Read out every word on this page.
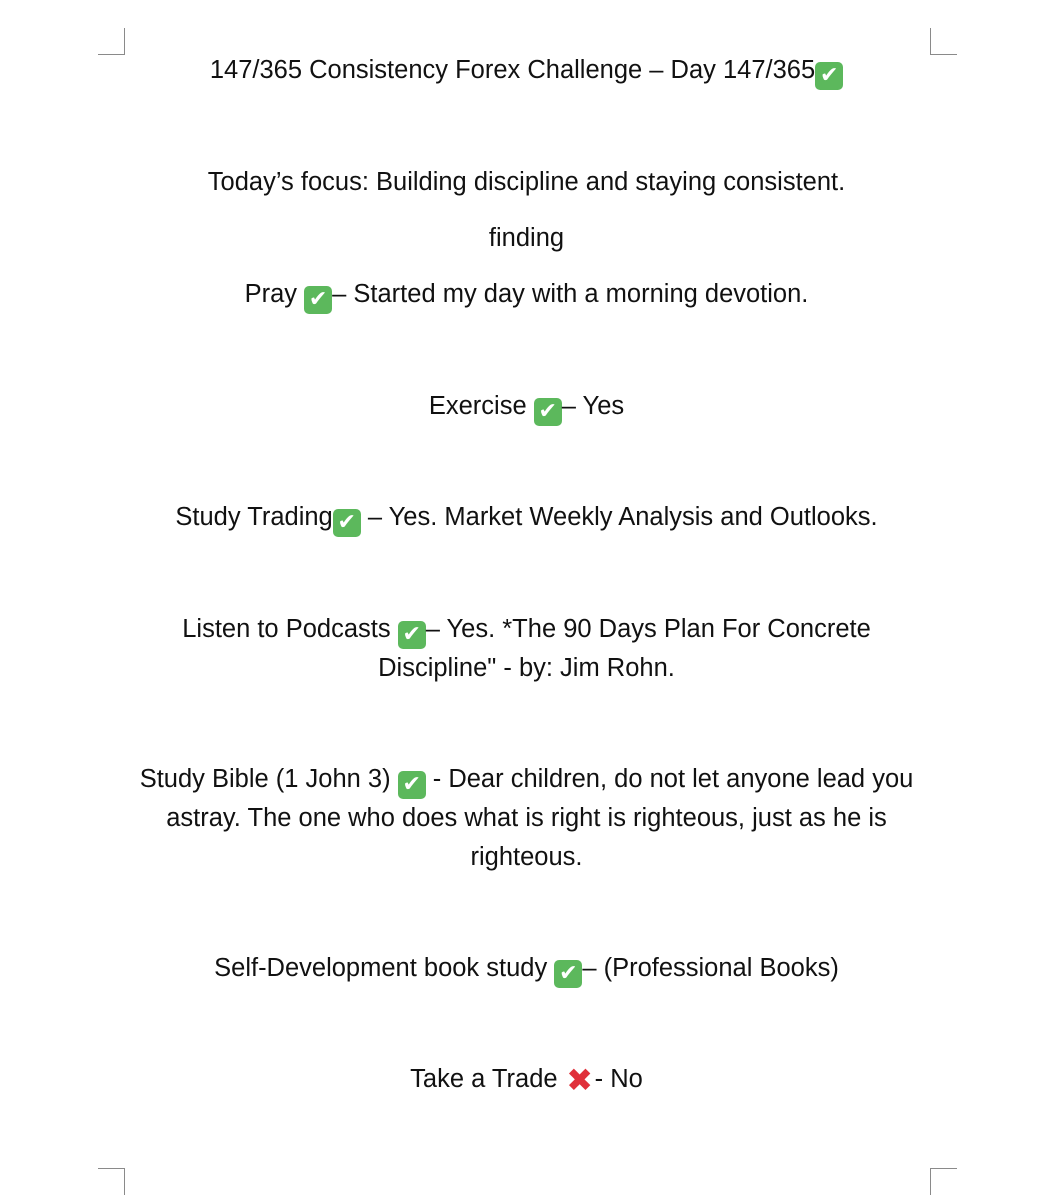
147/365 Consistency Forex Challenge – Day 147/365 ✔
Today’s focus: Building discipline and staying consistent.
finding
Pray ✔ – Started my day with a morning devotion.
Exercise ✔ – Yes
Study Trading ✔ – Yes. Market Weekly Analysis and Outlooks.
Listen to Podcasts ✔ – Yes. *The 90 Days Plan For Concrete Discipline" - by: Jim Rohn.
Study Bible (1 John 3) ✔ - Dear children, do not let anyone lead you astray. The one who does what is right is righteous, just as he is righteous.
Self-Development book study ✔ – (Professional Books)
Take a Trade ✖- No
